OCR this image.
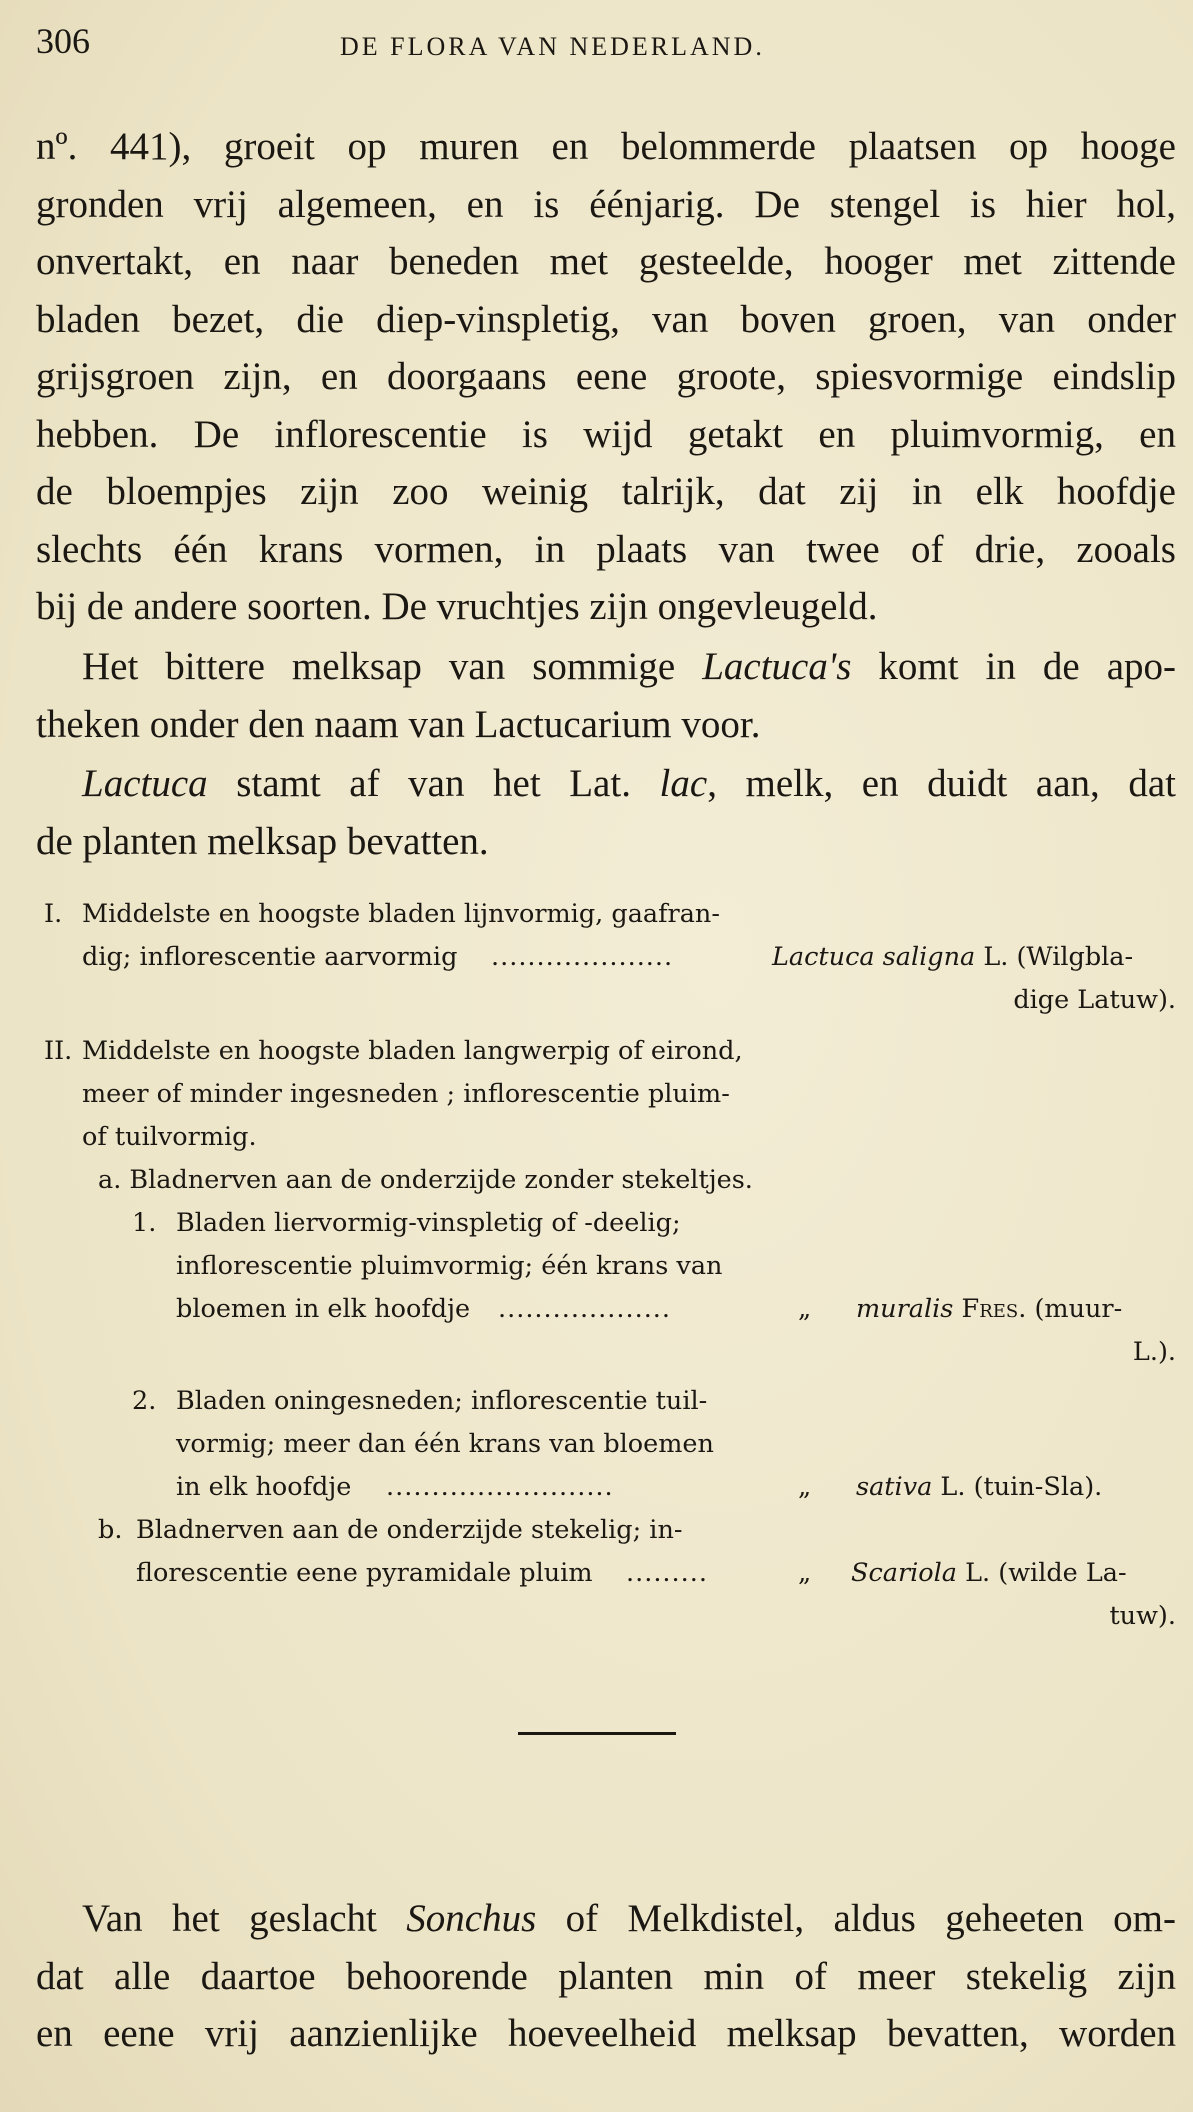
306	DE FLORA VAN NEDERLAND.
nº. 441), groeit op muren en belommerde plaatsen op hooge
gronden vrij algemeen, en is éénjarig. De stengel is hier hol,
onvertakt, en naar beneden met gesteelde, hooger met zittende
bladen bezet, die diep-vinspletig, van boven groen, van onder
grijsgroen zijn, en doorgaans eene groote, spiesvormige eindslip
hebben. De inflorescentie is wijd getakt en pluimvormig, en
de bloempjes zijn zoo weinig talrijk, dat zij in elk hoofdje
slechts één krans vormen, in plaats van twee of drie, zooals
bij de andere soorten. De vruchtjes zijn ongevleugeld.
Het bittere melksap van sommige Lactuca's komt in de apo-
theken onder den naam van Lactucarium voor.
Lactuca stamt af van het Lat. lac, melk, en duidt aan, dat
de planten melksap bevatten.
I. Middelste en hoogste bladen lijnvormig, gaafran-
dig; inflorescentie aarvormig ....................	Lactuca saligna L. (Wilgbla-
dige Latuw).
II. Middelste en hoogste bladen langwerpig of eirond,
meer of minder ingesneden ; inflorescentie pluim-
of tuilvormig.
a. Bladnerven aan de onderzijde zonder stekeltjes.
1. Bladen liervormig-vinspletig of -deelig;
inflorescentie pluimvormig; één krans van
bloemen in elk hoofdje ...................	„ muralis Fres. (muur-
L.).
2. Bladen oningesneden; inflorescentie tuil-
vormig; meer dan één krans van bloemen
in elk hoofdje .........................	„ sativa L. (tuin-Sla).
b. Bladnerven aan de onderzijde stekelig; in-
florescentie eene pyramidale pluim .........	„ Scariola L. (wilde La-
tuw).
Van het geslacht Sonchus of Melkdistel, aldus geheeten om-
dat alle daartoe behoorende planten min of meer stekelig zijn
en eene vrij aanzienlijke hoeveelheid melksap bevatten, worden
